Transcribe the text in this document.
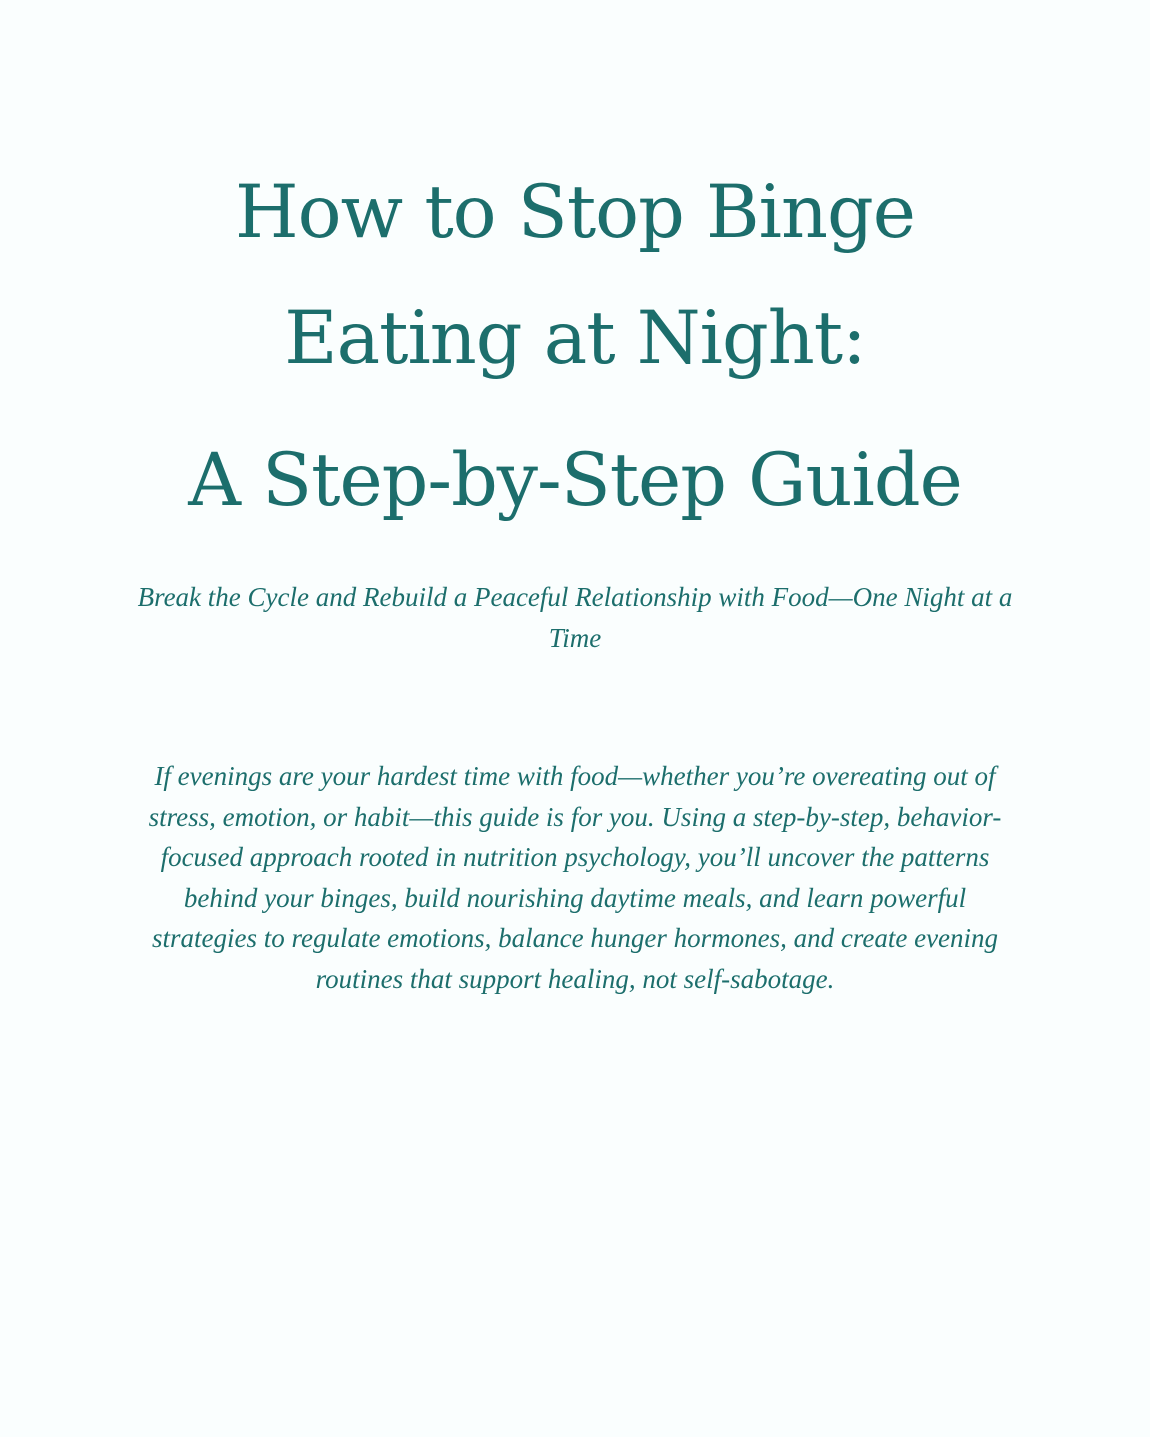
How to Stop Binge
Eating at Night:
A Step-by-Step Guide

Break the Cycle and Rebuild a Peaceful Relationship with Food—One Night at a Time

If evenings are your hardest time with food—whether you’re overeating out of stress, emotion, or habit—this guide is for you. Using a step-by-step, behavior-focused approach rooted in nutrition psychology, you’ll uncover the patterns behind your binges, build nourishing daytime meals, and learn powerful strategies to regulate emotions, balance hunger hormones, and create evening routines that support healing, not self-sabotage.
